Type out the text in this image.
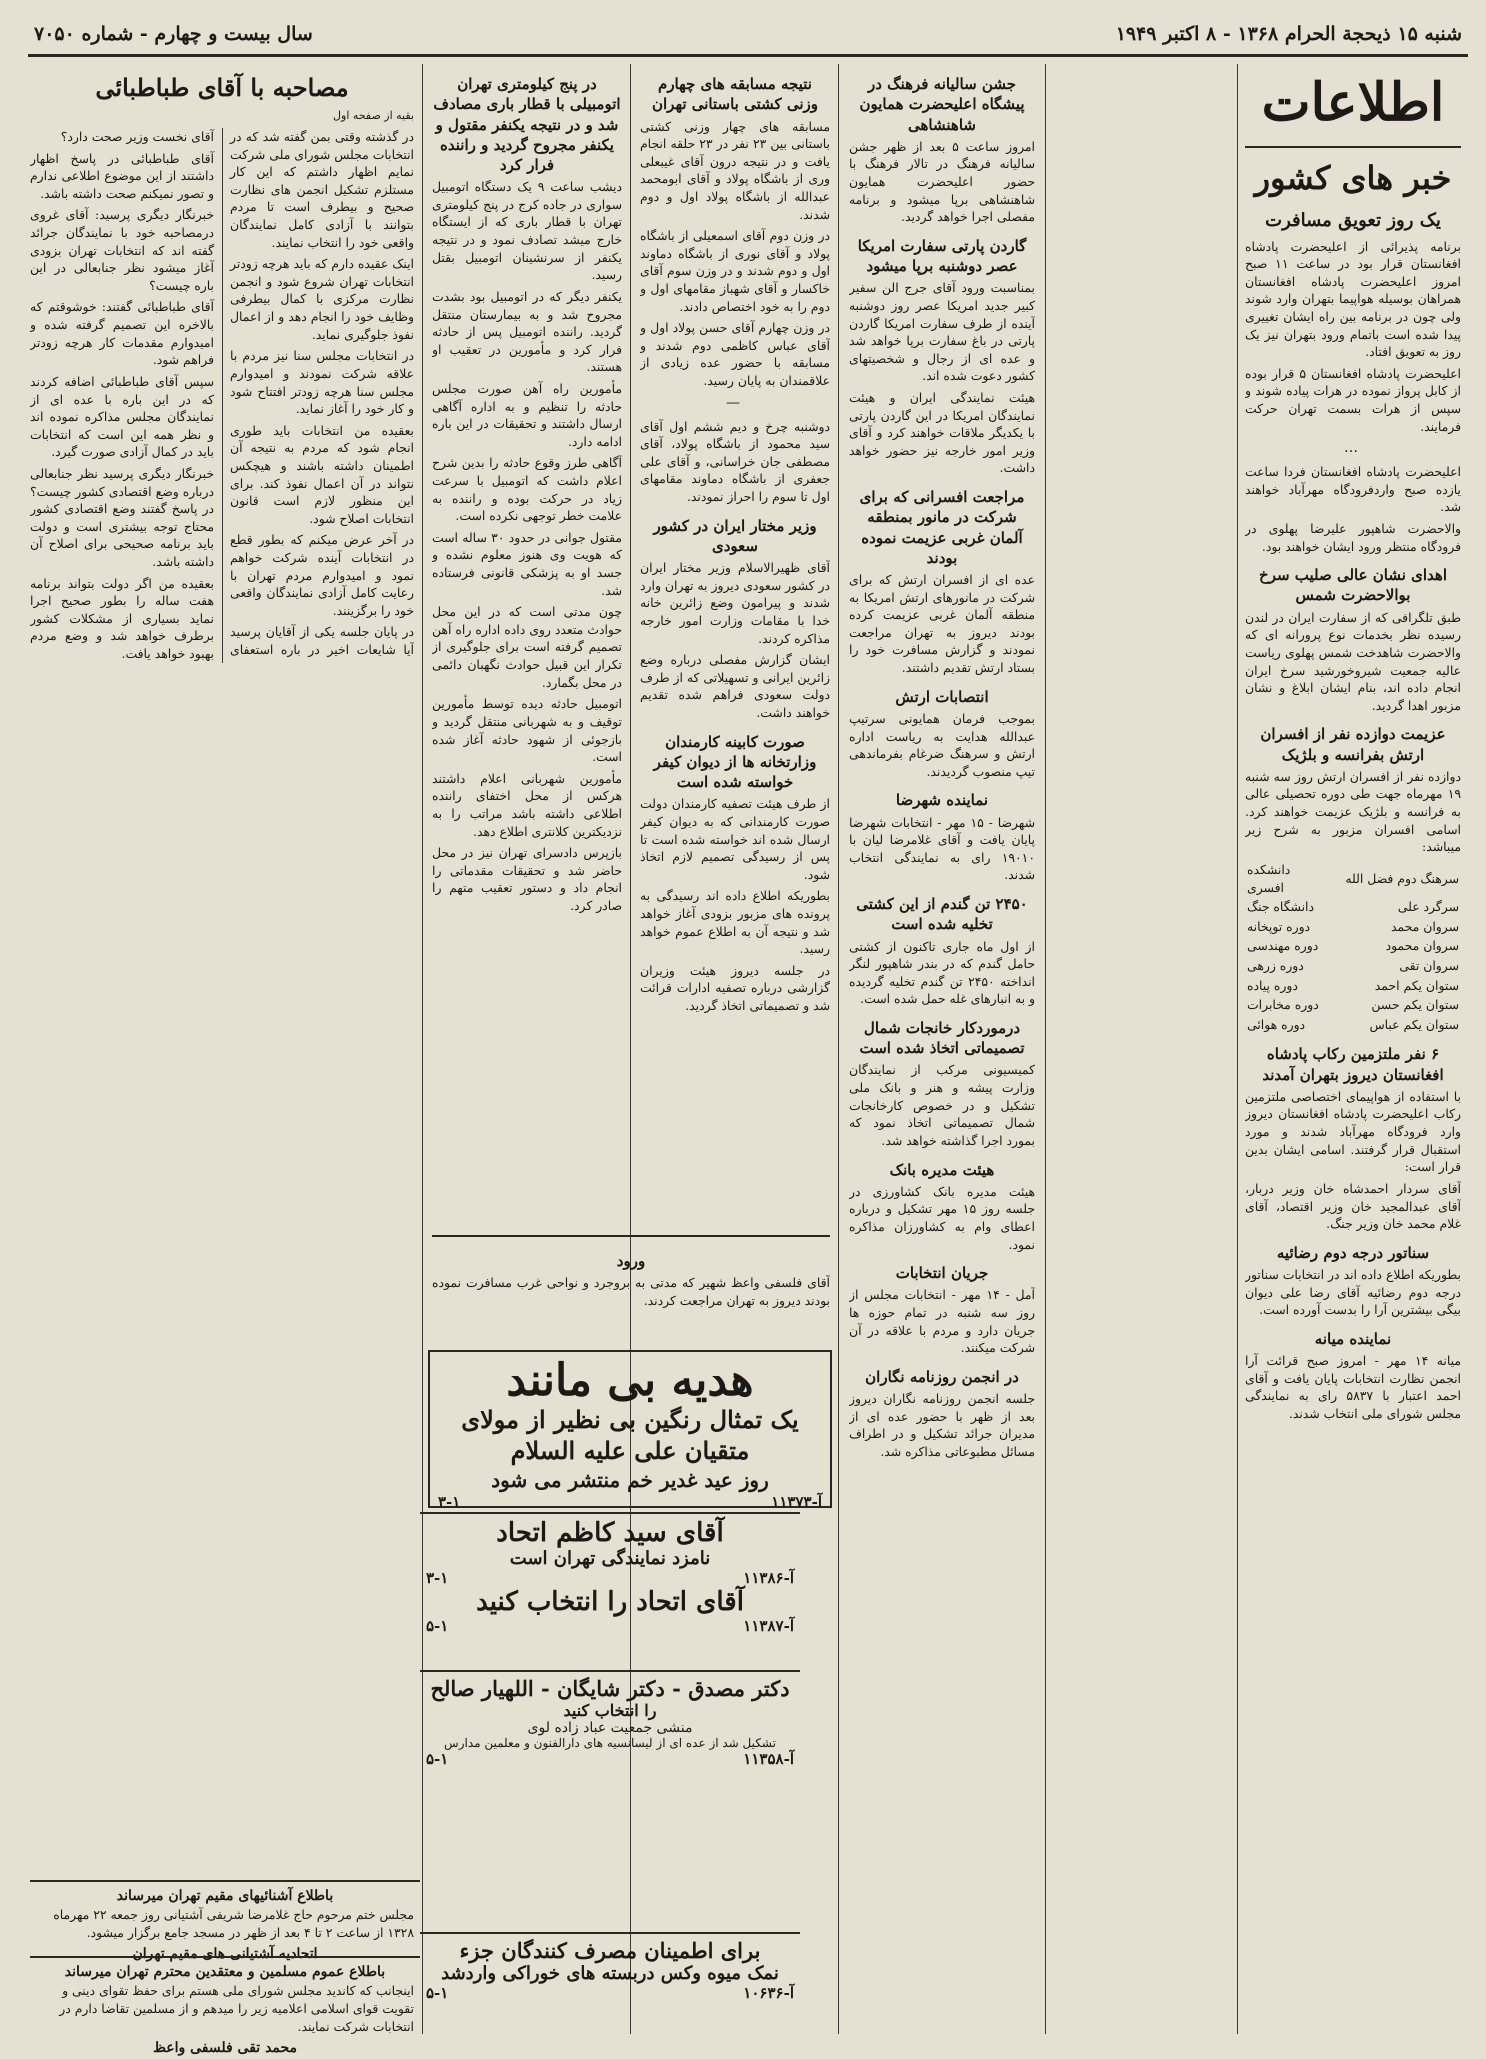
شنبه ۱۵ ذیحجة الحرام ۱۳۶۸ - ۸ اکتبر ۱۹۴۹
سال بیست و چهارم - شماره ۷۰۵۰
اطلاعات
خبر های کشور
یک روز تعویق مسافرت

برنامه پذیرائی از اعلیحضرت پادشاه افغانستان قرار بود در ساعت ۱۱ صبح امروز اعلیحضرت پادشاه افغانستان همراهان بوسیله هواپیما بتهران وارد شوند ولی چون در برنامه بین راه ایشان تغییری پیدا شده است باتمام ورود بتهران نیز یک روز به تعویق افتاد.

اعلیحضرت پادشاه افغانستان ۵ قرار بوده از کابل پرواز نموده در هرات پیاده شوند و سپس از هرات بسمت تهران حرکت فرمایند.

…

اعلیحضرت پادشاه افغانستان فردا ساعت یازده صبح واردفرودگاه مهرآباد خواهند شد.

والاحضرت شاهپور علیرضا پهلوی در فرودگاه منتظر ورود ایشان خواهند بود.

اهدای نشان عالی صلیب سرخ بوالاحضرت شمس

طبق تلگرافی که از سفارت ایران در لندن رسیده نظر بخدمات نوع پرورانه ای که والاحضرت شاهدخت شمس پهلوی ریاست عالیه جمعیت شیروخورشید سرخ ایران انجام داده اند، بنام ایشان ابلاغ و نشان مزبور اهدا گردید.

عزیمت دوازده نفر از افسران ارتش بفرانسه و بلژیک

دوازده نفر از افسران ارتش روز سه شنبه ۱۹ مهرماه جهت طی دوره تحصیلی عالی به فرانسه و بلژیک عزیمت خواهند کرد. اسامی افسران مزبور به شرح زیر میباشد:

سرهنگ دوم فضل الله	دانشکده افسری
سرگرد علی	دانشگاه جنگ
سروان محمد	دوره توپخانه
سروان محمود	دوره مهندسی
سروان تقی	دوره زرهی
ستوان یکم احمد	دوره پیاده
ستوان یکم حسن	دوره مخابرات
ستوان یکم عباس	دوره هوائی
۶ نفر ملتزمین رکاب پادشاه افغانستان دیروز بتهران آمدند

با استفاده از هواپیمای اختصاصی ملتزمین رکاب اعلیحضرت پادشاه افغانستان دیروز وارد فرودگاه مهرآباد شدند و مورد استقبال قرار گرفتند. اسامی ایشان بدین قرار است:

آقای سردار احمدشاه خان وزیر دربار، آقای عبدالمجید خان وزیر اقتصاد، آقای غلام محمد خان وزیر جنگ.

سناتور درجه دوم رضائیه

بطوریکه اطلاع داده اند در انتخابات سناتور درجه دوم رضائیه آقای رضا علی دیوان بیگی بیشترین آرا را بدست آورده است.

نماینده میانه

میانه ۱۴ مهر - امروز صبح قرائت آرا انجمن نظارت انتخابات پایان یافت و آقای احمد اعتبار با ۵۸۳۷ رای به نمایندگی مجلس شورای ملی انتخاب شدند.

جشن سالیانه فرهنگ در پیشگاه اعلیحضرت همایون شاهنشاهی

امروز ساعت ۵ بعد از ظهر جشن سالیانه فرهنگ در تالار فرهنگ با حضور اعلیحضرت همایون شاهنشاهی برپا میشود و برنامه مفصلی اجرا خواهد گردید.

گاردن پارتی سفارت امریکا عصر دوشنبه برپا میشود

بمناسبت ورود آقای جرج الن سفیر کبیر جدید امریکا عصر روز دوشنبه آینده از طرف سفارت امریکا گاردن پارتی در باغ سفارت برپا خواهد شد و عده ای از رجال و شخصیتهای کشور دعوت شده اند.

هیئت نمایندگی ایران و هیئت نمایندگان امریکا در این گاردن پارتی با یکدیگر ملاقات خواهند کرد و آقای وزیر امور خارجه نیز حضور خواهد داشت.

مراجعت افسرانی که برای شرکت در مانور بمنطقه آلمان غربی عزیمت نموده بودند

عده ای از افسران ارتش که برای شرکت در مانورهای ارتش امریکا به منطقه آلمان غربی عزیمت کرده بودند دیروز به تهران مراجعت نمودند و گزارش مسافرت خود را بستاد ارتش تقدیم داشتند.

انتصابات ارتش

بموجب فرمان همایونی سرتیپ عبدالله هدایت به ریاست اداره ارتش و سرهنگ ضرغام بفرماندهی تیپ منصوب گردیدند.

نماینده شهرضا

شهرضا - ۱۵ مهر - انتخابات شهرضا پایان یافت و آقای غلامرضا لیان با ۱۹۰۱۰ رای به نمایندگی انتخاب شدند.

۲۴۵۰ تن گندم از این کشتی تخلیه شده است

از اول ماه جاری تاکنون از کشتی حامل گندم که در بندر شاهپور لنگر انداخته ۲۴۵۰ تن گندم تخلیه گردیده و به انبارهای غله حمل شده است.

درموردکار خانجات شمال تصمیماتی اتخاذ شده است

کمیسیونی مرکب از نمایندگان وزارت پیشه و هنر و بانک ملی تشکیل و در خصوص کارخانجات شمال تصمیماتی اتخاذ نمود که بمورد اجرا گذاشته خواهد شد.

هیئت مدیره بانک

هیئت مدیره بانک کشاورزی در جلسه روز ۱۵ مهر تشکیل و درباره اعطای وام به کشاورزان مذاکره نمود.

جریان انتخابات

آمل - ۱۴ مهر - انتخابات مجلس از روز سه شنبه در تمام حوزه ها جریان دارد و مردم با علاقه در آن شرکت میکنند.

در انجمن روزنامه نگاران

جلسه انجمن روزنامه نگاران دیروز بعد از ظهر با حضور عده ای از مدیران جرائد تشکیل و در اطراف مسائل مطبوعاتی مذاکره شد.

نتیجه مسابقه های چهارم وزنی کشتی باستانی تهران

مسابقه های چهار وزنی کشتی باستانی بین ۲۳ نفر در ۲۳ حلقه انجام یافت و در نتیجه درون آقای غیبعلی وری از باشگاه پولاد و آقای ابومحمد عبدالله از باشگاه پولاد اول و دوم شدند.

در وزن دوم آقای اسمعیلی از باشگاه پولاد و آقای نوری از باشگاه دماوند اول و دوم شدند و در وزن سوم آقای خاکسار و آقای شهباز مقامهای اول و دوم را به خود اختصاص دادند.

در وزن چهارم آقای حسن پولاد اول و آقای عباس کاظمی دوم شدند و مسابقه با حضور عده زیادی از علاقمندان به پایان رسید.

—

دوشنبه چرخ و دیم ششم اول آقای سید محمود از باشگاه پولاد، آقای مصطفی جان خراسانی، و آقای علی جعفری از باشگاه دماوند مقامهای اول تا سوم را احراز نمودند.

وزیر مختار ایران در کشور سعودی

آقای ظهیرالاسلام وزیر مختار ایران در کشور سعودی دیروز به تهران وارد شدند و پیرامون وضع زائرین خانه خدا با مقامات وزارت امور خارجه مذاکره کردند.

ایشان گزارش مفصلی درباره وضع زائرین ایرانی و تسهیلاتی که از طرف دولت سعودی فراهم شده تقدیم خواهند داشت.

صورت کابینه کارمندان وزارتخانه ها از دیوان کیفر خواسته شده است

از طرف هیئت تصفیه کارمندان دولت صورت کارمندانی که به دیوان کیفر ارسال شده اند خواسته شده است تا پس از رسیدگی تصمیم لازم اتخاذ شود.

بطوریکه اطلاع داده اند رسیدگی به پرونده های مزبور بزودی آغاز خواهد شد و نتیجه آن به اطلاع عموم خواهد رسید.

در جلسه دیروز هیئت وزیران گزارشی درباره تصفیه ادارات قرائت شد و تصمیماتی اتخاذ گردید.

در پنج کیلومتری تهران اتومبیلی با قطار باری مصادف شد و در نتیجه یکنفر مقتول و یکنفر مجروح گردید و راننده فرار کرد

دیشب ساعت ۹ یک دستگاه اتومبیل سواری در جاده کرج در پنج کیلومتری تهران با قطار باری که از ایستگاه خارج میشد تصادف نمود و در نتیجه یکنفر از سرنشینان اتومبیل بقتل رسید.

یکنفر دیگر که در اتومبیل بود بشدت مجروح شد و به بیمارستان منتقل گردید. راننده اتومبیل پس از حادثه فرار کرد و مأمورین در تعقیب او هستند.

مأمورین راه آهن صورت مجلس حادثه را تنظیم و به اداره آگاهی ارسال داشتند و تحقیقات در این باره ادامه دارد.

آگاهی طرز وقوع حادثه را بدین شرح اعلام داشت که اتومبیل با سرعت زیاد در حرکت بوده و راننده به علامت خطر توجهی نکرده است.

مقتول جوانی در حدود ۳۰ ساله است که هویت وی هنوز معلوم نشده و جسد او به پزشکی قانونی فرستاده شد.

چون مدتی است که در این محل حوادث متعدد روی داده اداره راه آهن تصمیم گرفته است برای جلوگیری از تکرار این قبیل حوادث نگهبان دائمی در محل بگمارد.

اتومبیل حادثه دیده توسط مأمورین توقیف و به شهربانی منتقل گردید و بازجوئی از شهود حادثه آغاز شده است.

مأمورین شهربانی اعلام داشتند هرکس از محل اختفای راننده اطلاعی داشته باشد مراتب را به نزدیکترین کلانتری اطلاع دهد.

بازپرس دادسرای تهران نیز در محل حاضر شد و تحقیقات مقدماتی را انجام داد و دستور تعقیب متهم را صادر کرد.

ورود

آقای فلسفی واعظ شهیر که مدتی به بروجرد و نواحی غرب مسافرت نموده بودند دیروز به تهران مراجعت کردند.

مصاحبه با آقای طباطبائی
بقیه از صفحه اول

در گذشته وقتی بمن گفته شد که در انتخابات مجلس شورای ملی شرکت نمایم اظهار داشتم که این کار مستلزم تشکیل انجمن های نظارت صحیح و بیطرف است تا مردم بتوانند با آزادی کامل نمایندگان واقعی خود را انتخاب نمایند.

اینک عقیده دارم که باید هرچه زودتر انتخابات تهران شروع شود و انجمن نظارت مرکزی با کمال بیطرفی وظایف خود را انجام دهد و از اعمال نفوذ جلوگیری نماید.

در انتخابات مجلس سنا نیز مردم با علاقه شرکت نمودند و امیدوارم مجلس سنا هرچه زودتر افتتاح شود و کار خود را آغاز نماید.

بعقیده من انتخابات باید طوری انجام شود که مردم به نتیجه آن اطمینان داشته باشند و هیچکس نتواند در آن اعمال نفوذ کند. برای این منظور لازم است قانون انتخابات اصلاح شود.

در آخر عرض میکنم که بطور قطع در انتخابات آینده شرکت خواهم نمود و امیدوارم مردم تهران با رعایت کامل آزادی نمایندگان واقعی خود را برگزینند.

در پایان جلسه یکی از آقایان پرسید آیا شایعات اخیر در باره استعفای آقای نخست وزیر صحت دارد؟

آقای طباطبائی در پاسخ اظهار داشتند از این موضوع اطلاعی ندارم و تصور نمیکنم صحت داشته باشد.

خبرنگار دیگری پرسید: آقای غروی درمصاحبه خود با نمایندگان جرائد گفته اند که انتخابات تهران بزودی آغاز میشود نظر جنابعالی در این باره چیست؟

آقای طباطبائی گفتند: خوشوقتم که بالاخره این تصمیم گرفته شده و امیدوارم مقدمات کار هرچه زودتر فراهم شود.

سپس آقای طباطبائی اضافه کردند که در این باره با عده ای از نمایندگان مجلس مذاکره نموده اند و نظر همه این است که انتخابات باید در کمال آزادی صورت گیرد.

خبرنگار دیگری پرسید نظر جنابعالی درباره وضع اقتصادی کشور چیست؟ در پاسخ گفتند وضع اقتصادی کشور محتاج توجه بیشتری است و دولت باید برنامه صحیحی برای اصلاح آن داشته باشد.

بعقیده من اگر دولت بتواند برنامه هفت ساله را بطور صحیح اجرا نماید بسیاری از مشکلات کشور برطرف خواهد شد و وضع مردم بهبود خواهد یافت.

باطلاع آشنائیهای مقیم تهران میرساند
مجلس ختم مرحوم حاج غلامرضا شریفی آشتیانی روز جمعه ۲۲ مهرماه ۱۳۲۸ از ساعت ۲ تا ۴ بعد از ظهر در مسجد جامع برگزار میشود.
اتحادیه آشتیانی های مقیم تهران
باطلاع عموم مسلمین و معتقدین محترم تهران میرساند
اینجانب که کاندید مجلس شورای ملی هستم برای حفظ تقوای دینی و تقویت قوای اسلامی اعلامیه زیر را میدهم و از مسلمین تقاضا دارم در انتخابات شرکت نمایند.
محمد تقی فلسفی واعظ
هدیه بی مانند
یک تمثال رنگین بی نظیر از مولای متقیان علی علیه السلام
روز عید غدیر خم منتشر می شود
آ-۱۱۳۷۳
۳-۱
آقای سید کاظم اتحاد
نامزد نمایندگی تهران است
آ-۱۱۳۸۶
۳-۱
آقای اتحاد را انتخاب کنید
آ-۱۱۳۸۷
۵-۱
دکتر مصدق - دکتر شایگان - اللهیار صالح
را انتخاب کنید
منشی جمعیت عباد زاده لوی
تشکیل شد از عده ای از لیسانسیه های دارالفنون و معلمین مدارس
آ-۱۱۳۵۸
۵-۱
برای اطمینان مصرف کنندگان جزء
نمک میوه وکس دربسته های خوراکی واردشد
آ-۱۰۶۳۶
۵-۱
